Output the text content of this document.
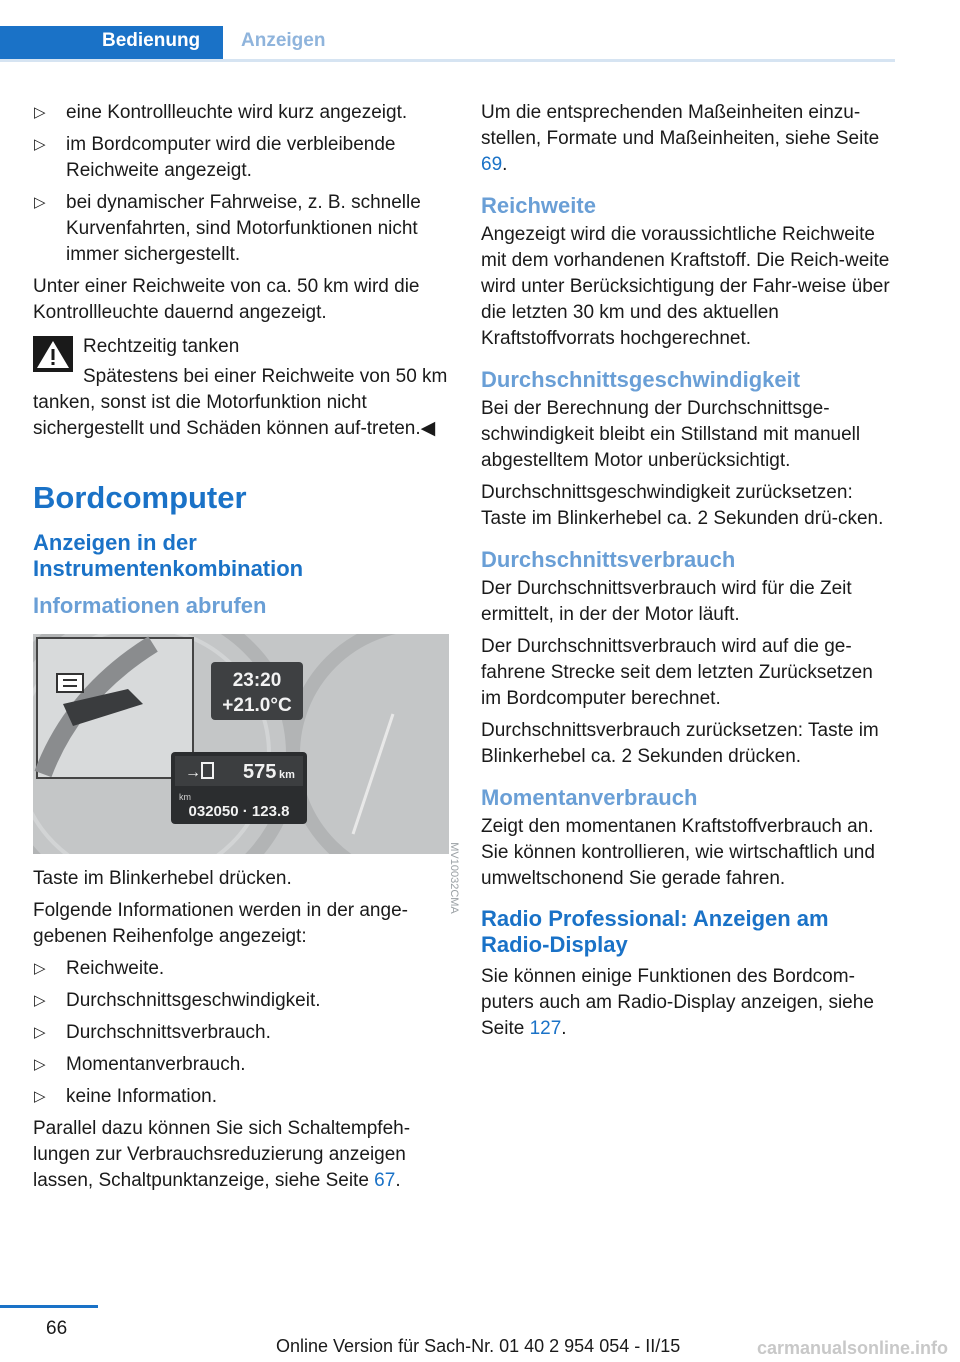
Bedienung	Anzeigen
▷ eine Kontrollleuchte wird kurz angezeigt.
▷ im Bordcomputer wird die verbleibende Reichweite angezeigt.
▷ bei dynamischer Fahrweise, z. B. schnelle Kurvenfahrten, sind Motorfunktionen nicht immer sichergestellt.

Unter einer Reichweite von ca. 50 km wird die Kontrollleuchte dauernd angezeigt.

Rechtzeitig tanken

Spätestens bei einer Reichweite von 50 km tanken, sonst ist die Motorfunktion nicht sichergestellt und Schäden können auf‐treten.◀

Bordcomputer
Anzeigen in der Instrumentenkombination
Informationen abrufen
23:20
+21.0°C
→ 575 km
km
032050 · 123.8

Taste im Blinkerhebel drücken.

Folgende Informationen werden in der ange‐gebenen Reihenfolge angezeigt:

▷ Reichweite.
▷ Durchschnittsgeschwindigkeit.
▷ Durchschnittsverbrauch.
▷ Momentanverbrauch.
▷ keine Information.

Parallel dazu können Sie sich Schaltempfeh‐lungen zur Verbrauchsreduzierung anzeigen lassen, Schaltpunktanzeige, siehe Seite 67.

MV10032CMA

Um die entsprechenden Maßeinheiten einzu‐stellen, Formate und Maßeinheiten, siehe Seite 69.

Reichweite

Angezeigt wird die voraussichtliche Reichweite mit dem vorhandenen Kraftstoff. Die Reich‐weite wird unter Berücksichtigung der Fahr‐weise über die letzten 30 km und des aktuellen Kraftstoffvorrats hochgerechnet.

Durchschnittsgeschwindigkeit

Bei der Berechnung der Durchschnittsge‐schwindigkeit bleibt ein Stillstand mit manuell abgestelltem Motor unberücksichtigt.

Durchschnittsgeschwindigkeit zurücksetzen: Taste im Blinkerhebel ca. 2 Sekunden drü‐cken.

Durchschnittsverbrauch

Der Durchschnittsverbrauch wird für die Zeit ermittelt, in der der Motor läuft.

Der Durchschnittsverbrauch wird auf die ge‐fahrene Strecke seit dem letzten Zurücksetzen im Bordcomputer berechnet.

Durchschnittsverbrauch zurücksetzen: Taste im Blinkerhebel ca. 2 Sekunden drücken.

Momentanverbrauch

Zeigt den momentanen Kraftstoffverbrauch an. Sie können kontrollieren, wie wirtschaftlich und umweltschonend Sie gerade fahren.

Radio Professional: Anzeigen am Radio-Display

Sie können einige Funktionen des Bordcom‐puters auch am Radio-Display anzeigen, siehe Seite 127.

66
Online Version für Sach-Nr. 01 40 2 954 054 - II/15	carmanualsonline.info
